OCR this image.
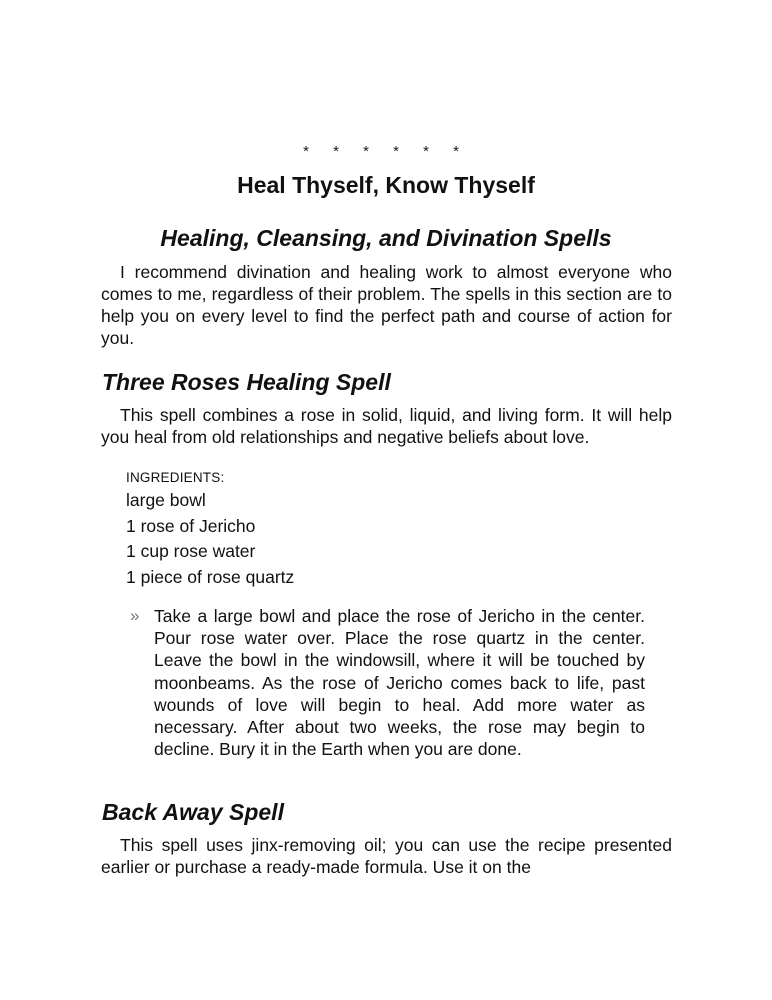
* * * * * *
Heal Thyself, Know Thyself
Healing, Cleansing, and Divination Spells

I recommend divination and healing work to almost everyone who comes to me, regardless of their problem. The spells in this section are to help you on every level to find the perfect path and course of action for you.

Three Roses Healing Spell

This spell combines a rose in solid, liquid, and living form. It will help you heal from old relationships and negative beliefs about love.

INGREDIENTS:
large bowl
1 rose of Jericho
1 cup rose water
1 piece of rose quartz
» Take a large bowl and place the rose of Jericho in the center. Pour rose water over. Place the rose quartz in the center. Leave the bowl in the windowsill, where it will be touched by moonbeams. As the rose of Jericho comes back to life, past wounds of love will begin to heal. Add more water as necessary. After about two weeks, the rose may begin to decline. Bury it in the Earth when you are done.

Back Away Spell

This spell uses jinx-removing oil; you can use the recipe presented earlier or purchase a ready-made formula. Use it on the
